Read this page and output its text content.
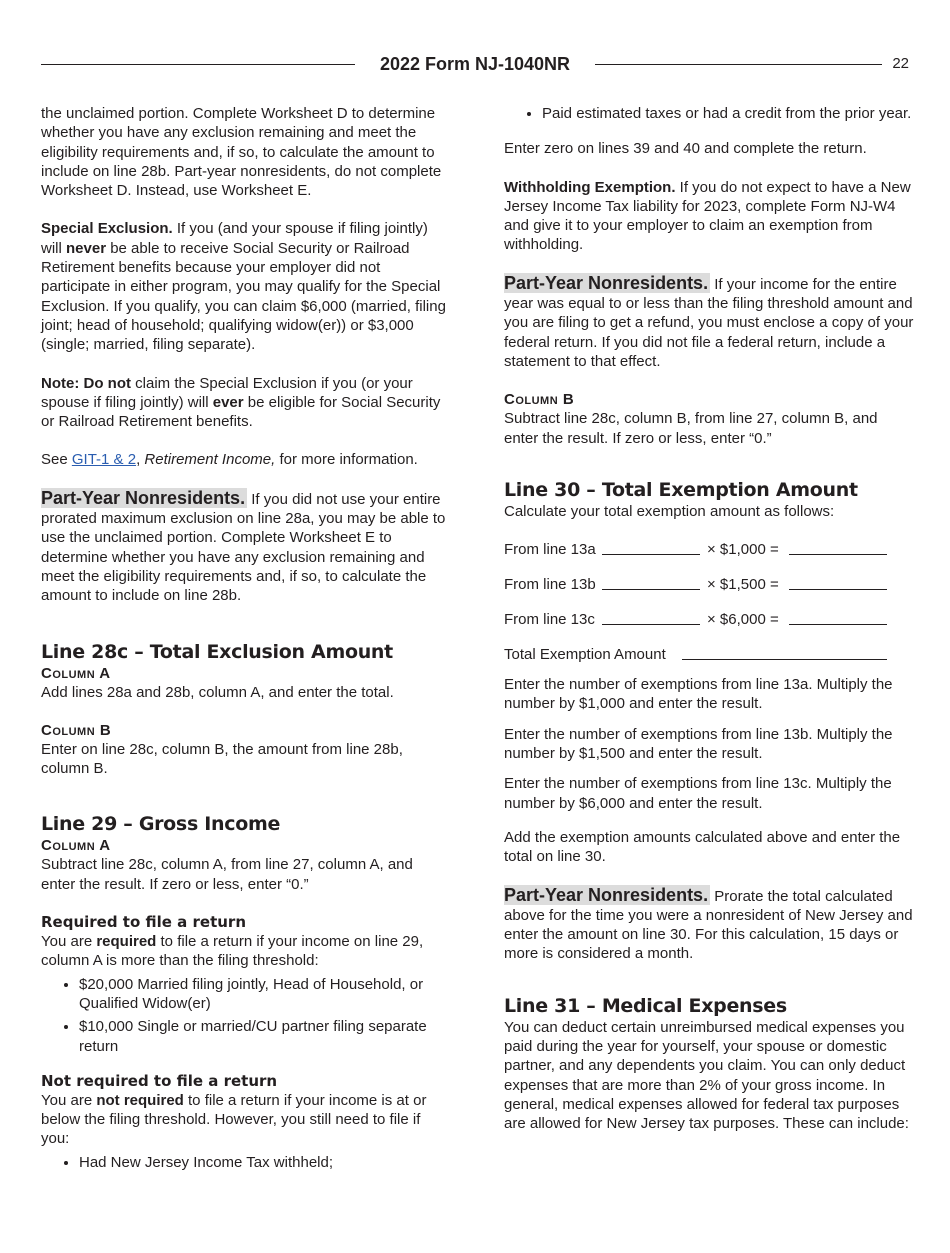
2022 Form NJ-1040NR	22

the unclaimed portion. Complete Worksheet D to determine whether you have any exclusion remaining and meet the eligibility requirements and, if so, to calculate the amount to include on line 28b. Part-year nonresidents, do not complete Worksheet D. Instead, use Worksheet E.

Special Exclusion. If you (and your spouse if filing jointly) will never be able to receive Social Security or Railroad Retirement benefits because your employer did not participate in either program, you may qualify for the Special Exclusion. If you qualify, you can claim $6,000 (married, filing joint; head of household; qualifying widow(er)) or $3,000 (single; married, filing separate).

Note: Do not claim the Special Exclusion if you (or your spouse if filing jointly) will ever be eligible for Social Security or Railroad Retirement benefits.

See GIT-1 & 2, Retirement Income, for more information.

Part-Year Nonresidents. If you did not use your entire prorated maximum exclusion on line 28a, you may be able to use the unclaimed portion. Complete Worksheet E to determine whether you have any exclusion remaining and meet the eligibility requirements and, if so, to calculate the amount to include on line 28b.

Line 28c – Total Exclusion Amount
Column A

Add lines 28a and 28b, column A, and enter the total.

Column B

Enter on line 28c, column B, the amount from line 28b, column B.

Line 29 – Gross Income
Column A

Subtract line 28c, column A, from line 27, column A, and enter the result. If zero or less, enter “0.”

Required to file a return
You are required to file a return if your income on line 29, column A is more than the filing threshold:
• $20,000 Married filing jointly, Head of Household, or Qualified Widow(er)
• $10,000 Single or married/CU partner filing separate return
Not required to file a return
You are not required to file a return if your income is at or below the filing threshold. However, you still need to file if you:
• Had New Jersey Income Tax withheld;
• Paid estimated taxes or had a credit from the prior year.

Enter zero on lines 39 and 40 and complete the return.

Withholding Exemption. If you do not expect to have a New Jersey Income Tax liability for 2023, complete Form NJ-W4 and give it to your employer to claim an exemption from withholding.

Part-Year Nonresidents. If your income for the entire year was equal to or less than the filing threshold amount and you are filing to get a refund, you must enclose a copy of your federal return. If you did not file a federal return, include a statement to that effect.

Column B

Subtract line 28c, column B, from line 27, column B, and enter the result. If zero or less, enter “0.”

Line 30 – Total Exemption Amount

Calculate your total exemption amount as follows:

From line 13a	× $1,000 =
From line 13b	× $1,500 =
From line 13c	× $6,000 =
Total Exemption Amount

Enter the number of exemptions from line 13a. Multiply the number by $1,000 and enter the result.

Enter the number of exemptions from line 13b. Multiply the number by $1,500 and enter the result.

Enter the number of exemptions from line 13c. Multiply the number by $6,000 and enter the result.

Add the exemption amounts calculated above and enter the total on line 30.

Part-Year Nonresidents. Prorate the total calculated above for the time you were a nonresident of New Jersey and enter the amount on line 30. For this calculation, 15 days or more is considered a month.

Line 31 – Medical Expenses

You can deduct certain unreimbursed medical expenses you paid during the year for yourself, your spouse or domestic partner, and any dependents you claim. You can only deduct expenses that are more than 2% of your gross income. In general, medical expenses allowed for federal tax purposes are allowed for New Jersey tax purposes. These can include:
